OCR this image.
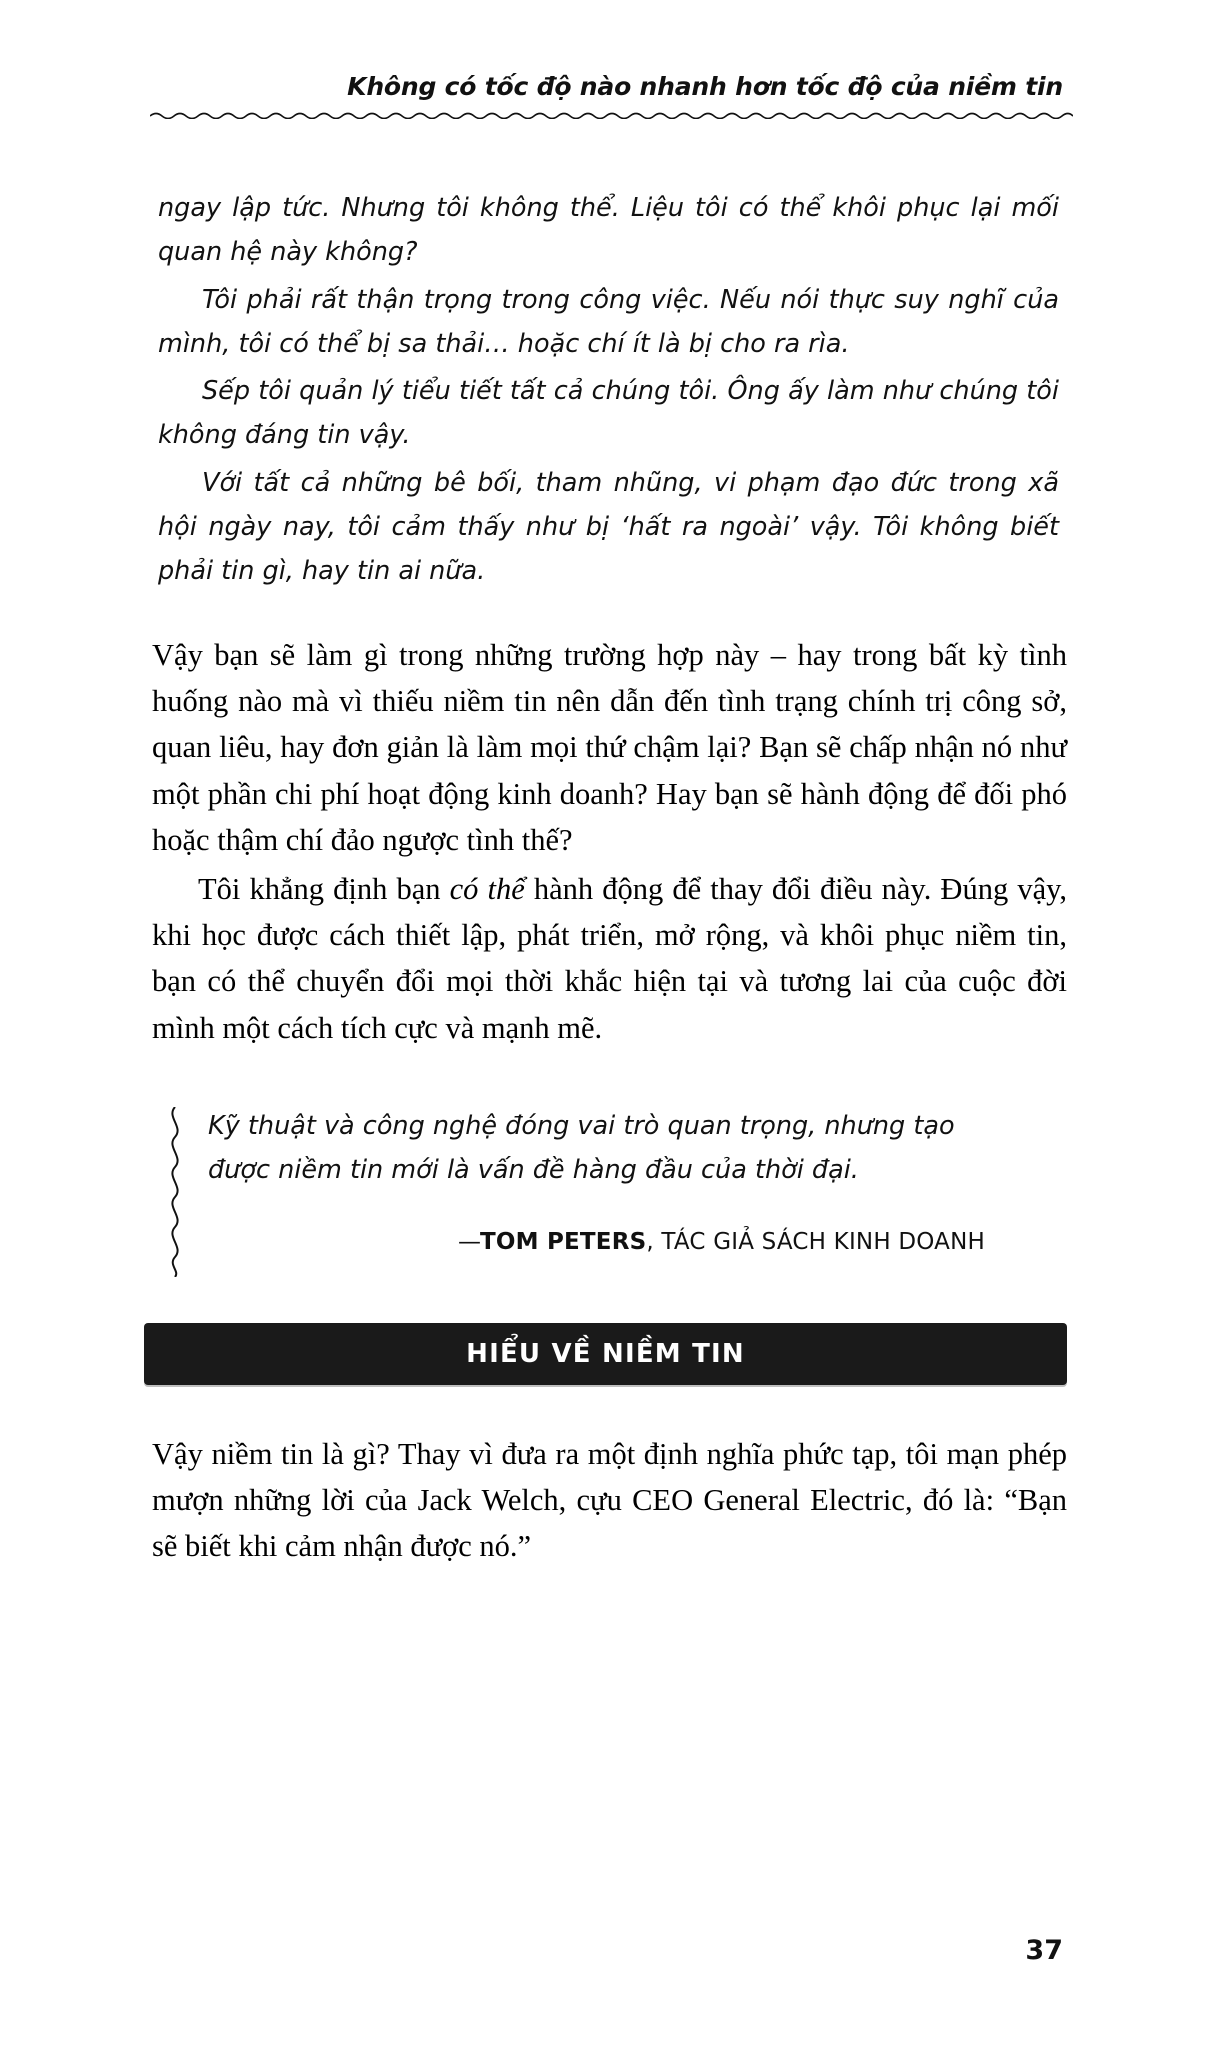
Không có tốc độ nào nhanh hơn tốc độ của niềm tin

ngay lập tức. Nhưng tôi không thể. Liệu tôi có thể khôi phục lại mối quan hệ này không?

Tôi phải rất thận trọng trong công việc. Nếu nói thực suy nghĩ của mình, tôi có thể bị sa thải… hoặc chí ít là bị cho ra rìa.

Sếp tôi quản lý tiểu tiết tất cả chúng tôi. Ông ấy làm như chúng tôi không đáng tin vậy.

Với tất cả những bê bối, tham nhũng, vi phạm đạo đức trong xã hội ngày nay, tôi cảm thấy như bị ‘hất ra ngoài’ vậy. Tôi không biết phải tin gì, hay tin ai nữa.

Vậy bạn sẽ làm gì trong những trường hợp này – hay trong bất kỳ tình huống nào mà vì thiếu niềm tin nên dẫn đến tình trạng chính trị công sở, quan liêu, hay đơn giản là làm mọi thứ chậm lại? Bạn sẽ chấp nhận nó như một phần chi phí hoạt động kinh doanh? Hay bạn sẽ hành động để đối phó hoặc thậm chí đảo ngược tình thế?

Tôi khẳng định bạn có thể hành động để thay đổi điều này. Đúng vậy, khi học được cách thiết lập, phát triển, mở rộng, và khôi phục niềm tin, bạn có thể chuyển đổi mọi thời khắc hiện tại và tương lai của cuộc đời mình một cách tích cực và mạnh mẽ.

Kỹ thuật và công nghệ đóng vai trò quan trọng, nhưng tạo được niềm tin mới là vấn đề hàng đầu của thời đại.
—TOM PETERS, TÁC GIẢ SÁCH KINH DOANH
HIỂU VỀ NIỀM TIN

Vậy niềm tin là gì? Thay vì đưa ra một định nghĩa phức tạp, tôi mạn phép mượn những lời của Jack Welch, cựu CEO General Electric, đó là: “Bạn sẽ biết khi cảm nhận được nó.”

37
